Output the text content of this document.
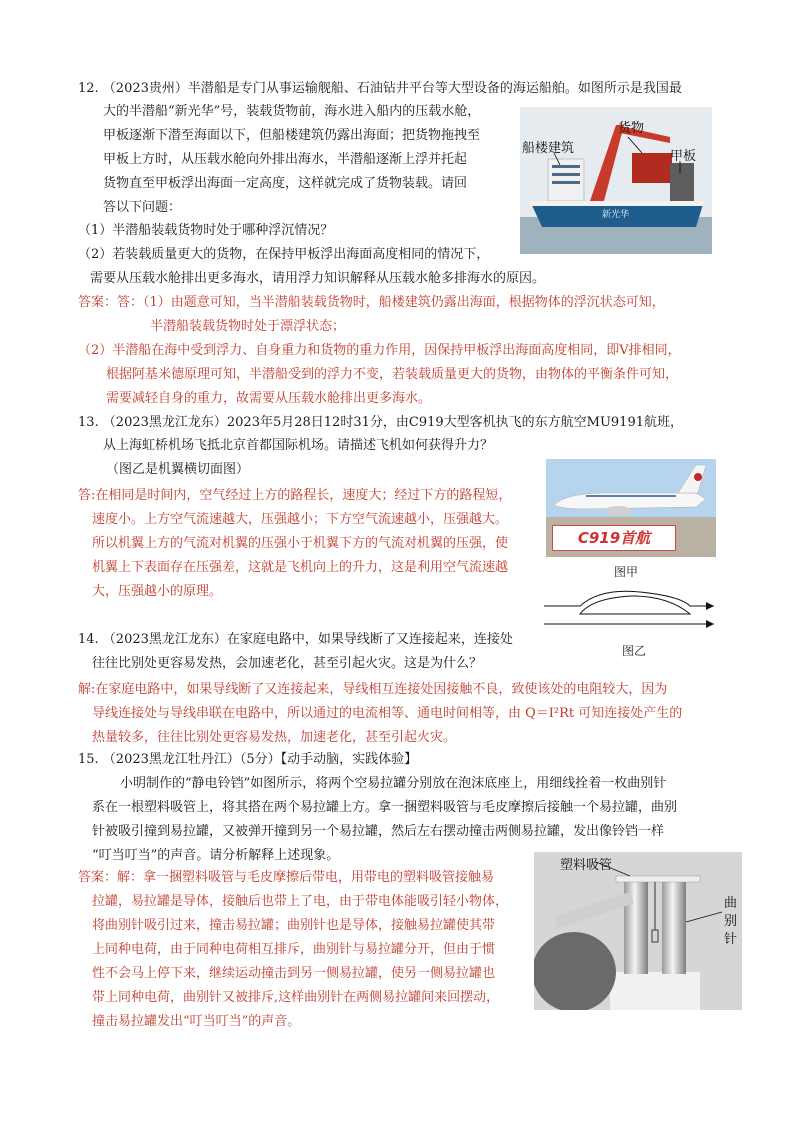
12. （2023贵州）半潜船是专门从事运输舰船、石油钻井平台等大型设备的海运船舶。如图所示是我国最
大的半潜船“新光华”号，装载货物前，海水进入船内的压载水舱，
甲板逐渐下潜至海面以下，但船楼建筑仍露出海面；把货物拖拽至
甲板上方时，从压载水舱向外排出海水，半潜船逐渐上浮并托起
货物直至甲板浮出海面一定高度，这样就完成了货物装载。请回
答以下问题：
（1）半潜船装载货物时处于哪种浮沉情况？
（2）若装载质量更大的货物，在保持甲板浮出海面高度相同的情况下，
需要从压载水舱排出更多海水，请用浮力知识解释从压载水舱多排海水的原因。
答案：答：（1）由题意可知，当半潜船装载货物时，船楼建筑仍露出海面，根据物体的浮沉状态可知，
半潜船装载货物时处于漂浮状态；
（2）半潜船在海中受到浮力、自身重力和货物的重力作用，因保持甲板浮出海面高度相同，即V排相同，
根据阿基米德原理可知，半潜船受到的浮力不变，若装载质量更大的货物，由物体的平衡条件可知，
需要减轻自身的重力，故需要从压载水舱排出更多海水。
船楼建筑
货物
甲板
新光华
13. （2023黑龙江龙东）2023年5月28日12时31分，由C919大型客机执飞的东方航空MU9191航班，
从上海虹桥机场飞抵北京首都国际机场。请描述飞机如何获得升力？
（图乙是机翼横切面图）
答:在相同是时间内，空气经过上方的路程长，速度大；经过下方的路程短，
速度小。上方空气流速越大，压强越小；下方空气流速越小，压强越大。
所以机翼上方的气流对机翼的压强小于机翼下方的气流对机翼的压强，使
机翼上下表面存在压强差，这就是飞机向上的升力，这是利用空气流速越
大，压强越小的原理。
C919首航
图甲
图乙
14. （2023黑龙江龙东）在家庭电路中，如果导线断了又连接起来，连接处
往往比别处更容易发热，会加速老化，甚至引起火灾。这是为什么？
解:在家庭电路中，如果导线断了又连接起来，导线相互连接处因接触不良，致使该处的电阻较大，因为
导线连接处与导线串联在电路中，所以通过的电流相等、通电时间相等，由 Q＝I²Rt 可知连接处产生的
热量较多，往往比别处更容易发热，加速老化，甚至引起火灾。
15. （2023黑龙江牡丹江）（5分）【动手动脑，实践体验】
小明制作的“静电铃铛”如图所示，将两个空易拉罐分别放在泡沫底座上，用细线拴着一枚曲别针
系在一根塑料吸管上，将其搭在两个易拉罐上方。拿一捆塑料吸管与毛皮摩擦后接触一个易拉罐，曲别
针被吸引撞到易拉罐，又被弹开撞到另一个易拉罐，然后左右摆动撞击两侧易拉罐，发出像铃铛一样
“叮当叮当”的声音。请分析解释上述现象。
答案：解：拿一捆塑料吸管与毛皮摩擦后带电，用带电的塑料吸管接触易
拉罐，易拉罐是导体，接触后也带上了电，由于带电体能吸引轻小物体，
将曲别针吸引过来，撞击易拉罐；曲别针也是导体，接触易拉罐使其带
上同种电荷，由于同种电荷相互排斥，曲别针与易拉罐分开，但由于惯
性不会马上停下来，继续运动撞击到另一侧易拉罐，使另一侧易拉罐也
带上同种电荷，曲别针又被排斥,这样曲别针在两侧易拉罐间来回摆动，
撞击易拉罐发出“叮当叮当”的声音。
塑料吸管
曲
别
针
